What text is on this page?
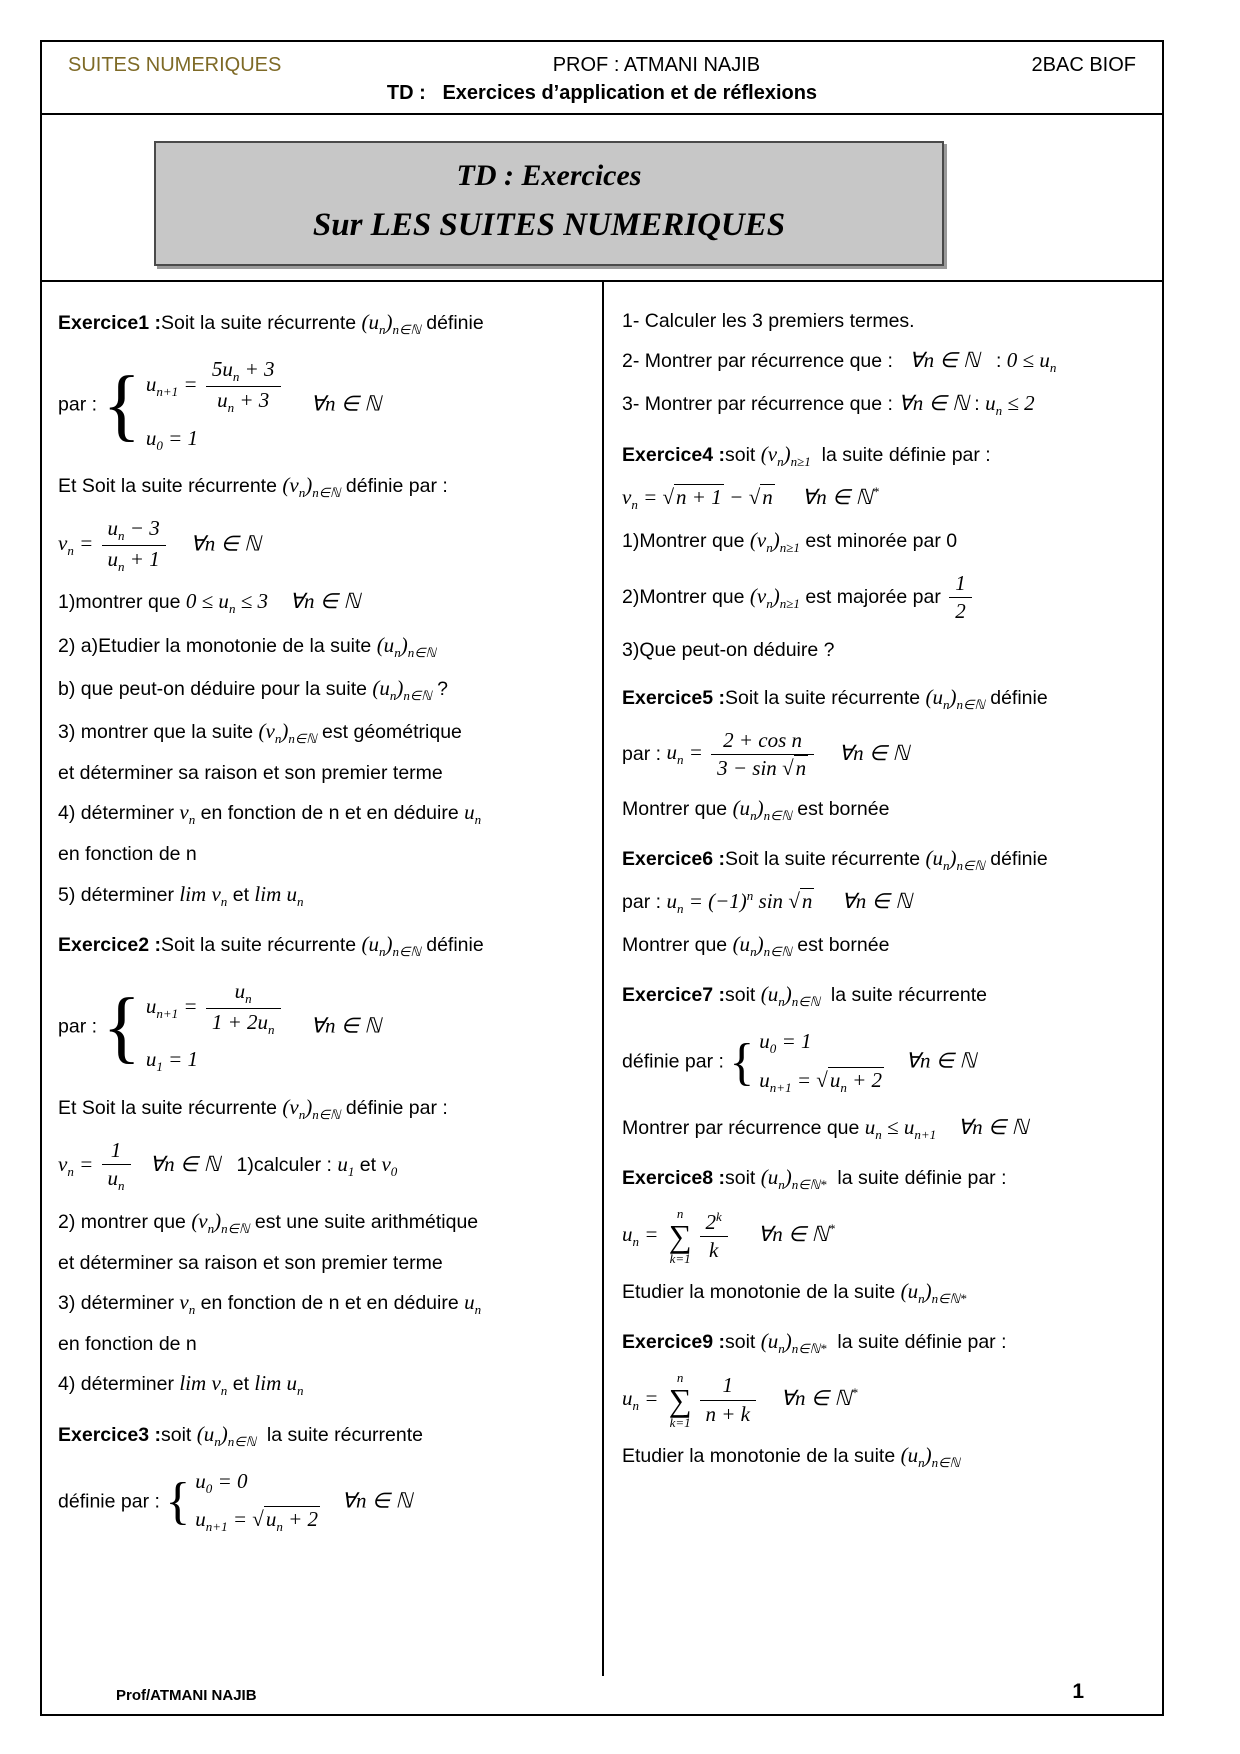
SUITES NUMERIQUES	PROF : ATMANI NAJIB	2BAC BIOF
TD :   Exercices d’application et de réflexions
TD : Exercices
Sur LES SUITES NUMERIQUES
Exercice1 :Soit la suite récurrente $(u_n)_{n\in ℕ}$ définie
par : { $u_{n+1} = \frac{5u_n + 3}{u_n + 3}$
$u_0 = 1$
∀n ∈ ℕ
Et Soit la suite récurrente $(v_n)_{n\in ℕ}$ définie par :
$v_n = \frac{u_n - 3}{u_n + 1}$ ∀n ∈ ℕ
1)montrer que $0 \le u_n \le 3$ ∀n ∈ ℕ
2) a)Etudier la monotonie de la suite $(u_n)_{n\in ℕ}$
b) que peut-on déduire pour la suite $(u_n)_{n\in ℕ}$ ?
3) montrer que la suite $(v_n)_{n\in ℕ}$ est géométrique
et déterminer sa raison et son premier terme
4) déterminer $v_n$ en fonction de n et en déduire $u_n$
en fonction de n
5) déterminer $\lim v_n$ et $\lim u_n$
Exercice2 :Soit la suite récurrente $(u_n)_{n\in ℕ}$ définie
par : { $u_{n+1} = \frac{u_n}{1 + 2u_n}$
$u_1 = 1$
∀n ∈ ℕ
Et Soit la suite récurrente $(v_n)_{n\in ℕ}$ définie par :
$v_n = \frac{1}{u_n}$ ∀n ∈ ℕ   1)calculer : $u_1$ et $v_0$
2) montrer que $(v_n)_{n\in ℕ}$ est une suite arithmétique
et déterminer sa raison et son premier terme
3) déterminer $v_n$ en fonction de n et en déduire $u_n$
en fonction de n
4) déterminer $\lim v_n$ et $\lim u_n$
Exercice3 :soit $(u_n)_{n\in ℕ}$  la suite récurrente
définie par : { $u_0 = 0$
$u_{n+1} = √u_n + 2$
∀n ∈ ℕ
1- Calculer les 3 premiers termes.
2- Montrer par récurrence que :   ∀n ∈ ℕ   : $0 \le u_n$
3- Montrer par récurrence que : ∀n ∈ ℕ : $u_n \le 2$
Exercice4 :soit $(v_n)_{n\ge 1}$  la suite définie par :
$v_n = √n + 1 - √n$ ∀n ∈ ℕ*
1)Montrer que $(v_n)_{n\ge 1}$ est minorée par 0
2)Montrer que $(v_n)_{n\ge 1}$ est majorée par $\frac{1}{2}$
3)Que peut-on déduire ?
Exercice5 :Soit la suite récurrente $(u_n)_{n\in ℕ}$ définie
par : $u_n = \frac{\text{2 + cos n}}{3 - \sin √n}$ ∀n ∈ ℕ
Montrer que $(u_n)_{n\in ℕ}$ est bornée
Exercice6 :Soit la suite récurrente $(u_n)_{n\in ℕ}$ définie
par : $u_n = (-1)^n$ sin √n ∀n ∈ ℕ
Montrer que $(u_n)_{n\in ℕ}$ est bornée
Exercice7 :soit $(u_n)_{n\in ℕ}$  la suite récurrente
définie par : { $u_0 = 1$
$u_{n+1} = √u_n + 2$
∀n ∈ ℕ
Montrer par récurrence que $u_n \le u_{n+1}$ ∀n ∈ ℕ
Exercice8 :soit $(u_n)_{n\in ℕ*}$  la suite définie par :
$u_n$ =
n
∑
$k=1 \frac{2^k}{k}$ ∀n ∈ ℕ*
Etudier la monotonie de la suite $(u_n)_{n\in ℕ*}$
Exercice9 :soit $(u_n)_{n\in ℕ*}$  la suite définie par :
$u_n$ =
n
∑
$k=1 \frac{1}{n + k}$ ∀n ∈ ℕ*
Etudier la monotonie de la suite $(u_n)_{n\in ℕ}$
Prof/ATMANI NAJIB	1
